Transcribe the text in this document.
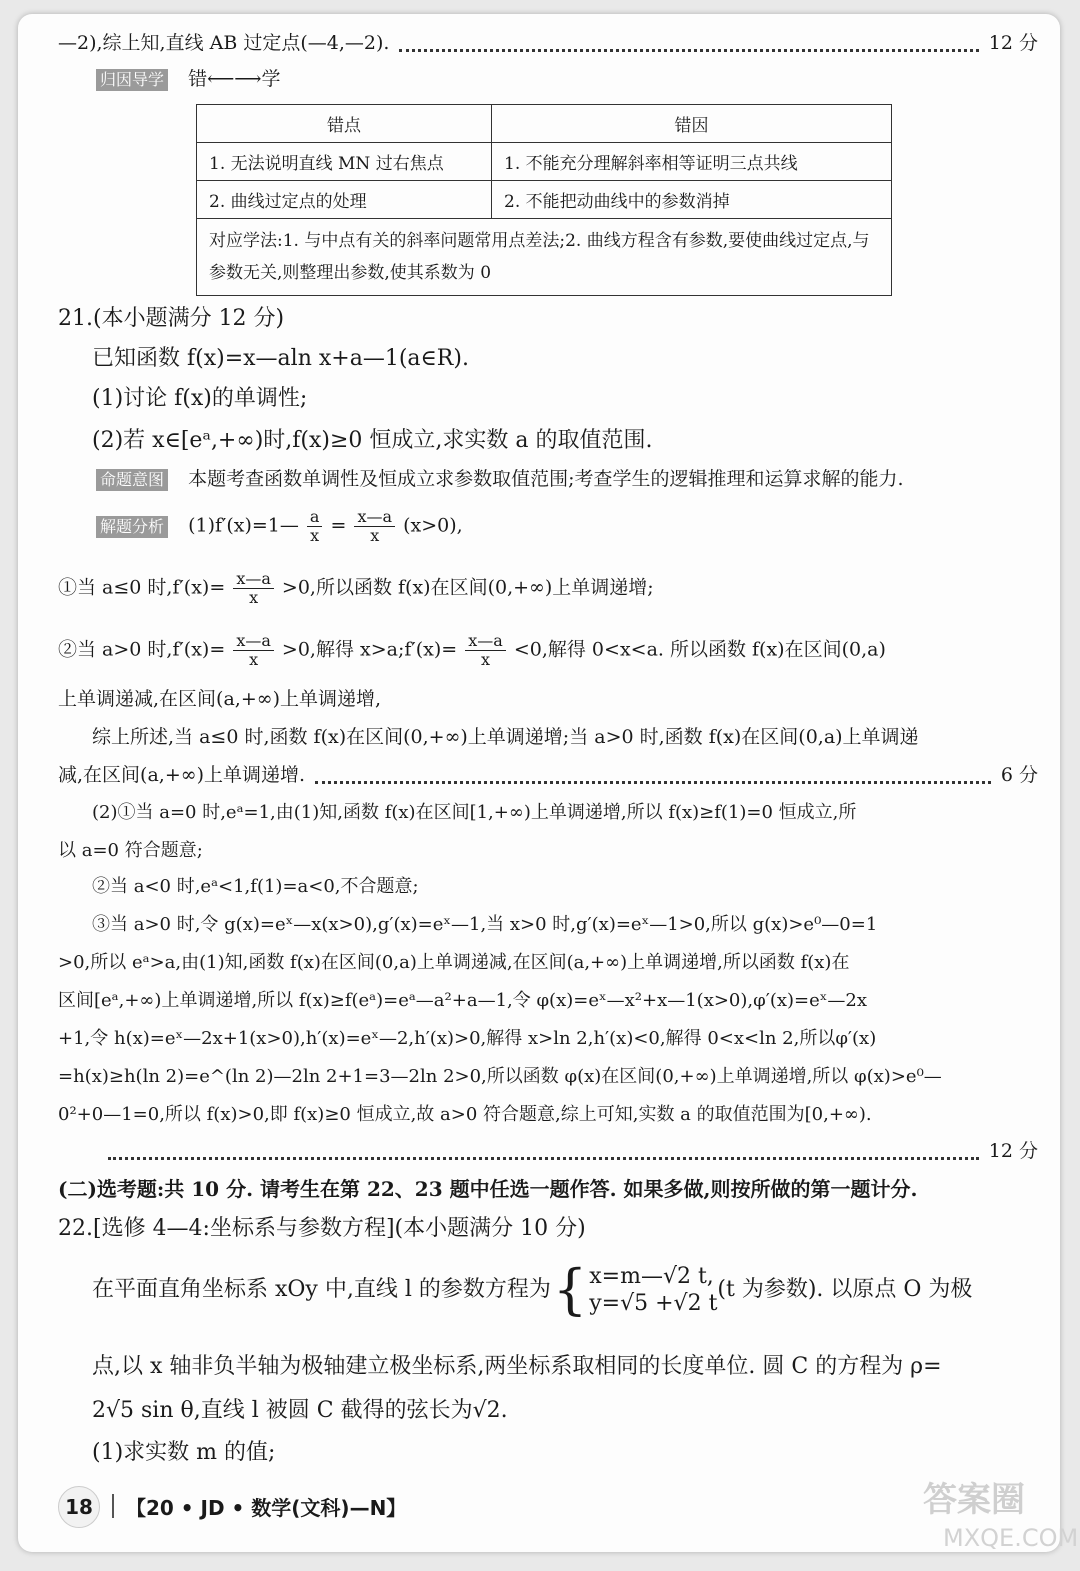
—2),综上知,直线 AB 过定点(—4,—2).	12 分
归因导学 错⟵⟶学
错点	错因
1. 无法说明直线 MN 过右焦点	1. 不能充分理解斜率相等证明三点共线
2. 曲线过定点的处理	2. 不能把动曲线中的参数消掉
对应学法:1. 与中点有关的斜率问题常用点差法;2. 曲线方程含有参数,要使曲线过定点,与参数无关,则整理出参数,使其系数为 0	
21.(本小题满分 12 分)
已知函数 f(x)=x—aln x+a—1(a∈R).
(1)讨论 f(x)的单调性;
(2)若 x∈[eᵃ,+∞)时,f(x)≥0 恒成立,求实数 a 的取值范围.
命题意图 本题考查函数单调性及恒成立求参数取值范围;考查学生的逻辑推理和运算求解的能力.
解题分析 (1)f′(x)=1— $\frac{a}{x} = \frac{x—a}{x} (x>0)$,
①当 a≤0 时$,f'(x)= \frac{x—a}{x} >0$,所以函数 f(x)在区间(0,+∞)上单调递增;
②当 a>0 时$,f'(x)= \frac{x—a}{x} >0$,解得 x>a;f′(x)= $\frac{x—a}{x} <0$,解得 0<x<a. 所以函数 f(x)在区间(0,a)
上单调递减,在区间(a,+∞)上单调递增,
综上所述,当 a≤0 时,函数 f(x)在区间(0,+∞)上单调递增;当 a>0 时,函数 f(x)在区间(0,a)上单调递
减,在区间(a,+∞)上单调递增.	6 分
(2)①当 a=0 时,eᵃ=1,由(1)知,函数 f(x)在区间[1,+∞)上单调递增,所以 f(x)≥f(1)=0 恒成立,所
以 a=0 符合题意;
②当 a<0 时,eᵃ<1,f(1)=a<0,不合题意;
③当 a>0 时,令 g(x)=eˣ—x(x>0),g′(x)=eˣ—1,当 x>0 时,g′(x)=eˣ—1>0,所以 g(x)>e⁰—0=1
>0,所以 eᵃ>a,由(1)知,函数 f(x)在区间(0,a)上单调递减,在区间(a,+∞)上单调递增,所以函数 f(x)在
区间[eᵃ,+∞)上单调递增,所以 f(x)≥f(eᵃ)=eᵃ—a²+a—1,令 φ(x)=eˣ—x²+x—1(x>0),φ′(x)=eˣ—2x
+1,令 h(x)=eˣ—2x+1(x>0),h′(x)=eˣ—2,h′(x)>0,解得 x>ln 2,h′(x)<0,解得 0<x<ln 2,所以φ′(x)
=h(x)≥h(ln 2)=e^(ln 2)—2ln 2+1=3—2ln 2>0,所以函数 φ(x)在区间(0,+∞)上单调递增,所以 φ(x)>e⁰—
0²+0—1=0,所以 f(x)>0,即 f(x)≥0 恒成立,故 a>0 符合题意,综上可知,实数 a 的取值范围为[0,+∞).
12 分
(二)选考题:共 10 分. 请考生在第 22、23 题中任选一题作答. 如果多做,则按所做的第一题计分.
22.[选修 4—4:坐标系与参数方程](本小题满分 10 分)
在平面直角坐标系 xOy 中,直线 l 的参数方程为 { x=m—√2 t,
y=√5 +√2 t
(t 为参数). 以原点 O 为极
点,以 x 轴非负半轴为极轴建立极坐标系,两坐标系取相同的长度单位. 圆 C 的方程为 ρ=
2√5 sin θ,直线 l 被圆 C 截得的弦长为√2.
(1)求实数 m 的值;
18	【20 • JD • 数学(文科)—N】	答案圈
MXQE.COM
